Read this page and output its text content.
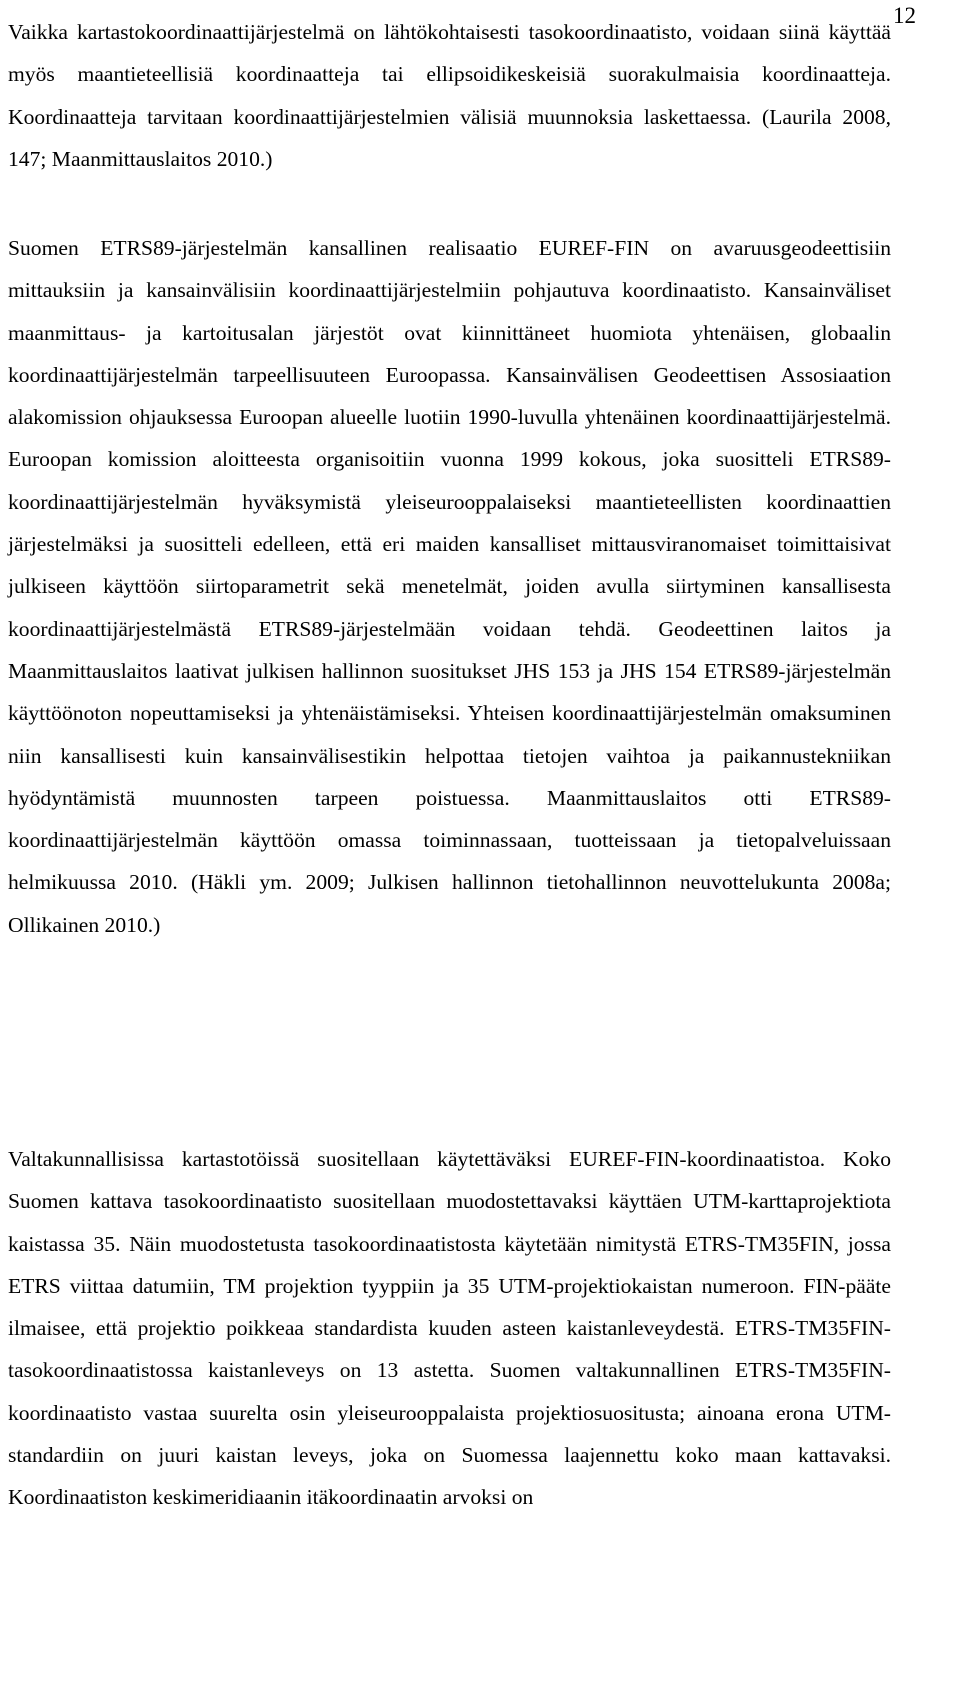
12

Vaikka kartastokoordinaattijärjestelmä on lähtökohtaisesti tasokoordinaatisto, voidaan siinä käyttää myös maantieteellisiä koordinaatteja tai ellipsoidikeskeisiä suorakulmaisia koordinaatteja. Koordinaatteja tarvitaan koordinaattijärjestelmien välisiä muunnoksia laskettaessa. (Laurila 2008, 147; Maanmittauslaitos 2010.)

Suomen ETRS89-järjestelmän kansallinen realisaatio EUREF-FIN on avaruusgeodeettisiin mittauksiin ja kansainvälisiin koordinaattijärjestelmiin pohjautuva koordinaatisto. Kansainväliset maanmittaus- ja kartoitusalan järjestöt ovat kiinnittäneet huomiota yhtenäisen, globaalin koordinaattijärjestelmän tarpeellisuuteen Euroopassa. Kansainvälisen Geodeettisen Assosiaation alakomission ohjauksessa Euroopan alueelle luotiin 1990-luvulla yhtenäinen koordinaattijärjestelmä. Euroopan komission aloitteesta organisoitiin vuonna 1999 kokous, joka suositteli ETRS89-koordinaattijärjestelmän hyväksymistä yleiseurooppalaiseksi maantieteellisten koordinaattien järjestelmäksi ja suositteli edelleen, että eri maiden kansalliset mittausviranomaiset toimittaisivat julkiseen käyttöön siirtoparametrit sekä menetelmät, joiden avulla siirtyminen kansallisesta koordinaattijärjestelmästä ETRS89-järjestelmään voidaan tehdä. Geodeettinen laitos ja Maanmittauslaitos laativat julkisen hallinnon suositukset JHS 153 ja JHS 154 ETRS89-järjestelmän käyttöönoton nopeuttamiseksi ja yhtenäistämiseksi. Yhteisen koordinaattijärjestelmän omaksuminen niin kansallisesti kuin kansainvälisestikin helpottaa tietojen vaihtoa ja paikannustekniikan hyödyntämistä muunnosten tarpeen poistuessa. Maanmittauslaitos otti ETRS89-koordinaattijärjestelmän käyttöön omassa toiminnassaan, tuotteissaan ja tietopalveluissaan helmikuussa 2010. (Häkli ym. 2009; Julkisen hallinnon tietohallinnon neuvottelukunta 2008a; Ollikainen 2010.)

Valtakunnallisissa kartastotöissä suositellaan käytettäväksi EUREF-FIN-koordinaatistoa. Koko Suomen kattava tasokoordinaatisto suositellaan muodostettavaksi käyttäen UTM-karttaprojektiota kaistassa 35. Näin muodostetusta tasokoordinaatistosta käytetään nimitystä ETRS-TM35FIN, jossa ETRS viittaa datumiin, TM projektion tyyppiin ja 35 UTM-projektiokaistan numeroon. FIN-pääte ilmaisee, että projektio poikkeaa standardista kuuden asteen kaistanleveydestä. ETRS-TM35FIN-tasokoordinaatistossa kaistanleveys on 13 astetta. Suomen valtakunnallinen ETRS-TM35FIN-koordinaatisto vastaa suurelta osin yleiseurooppalaista projektiosuositusta; ainoana erona UTM-standardiin on juuri kaistan leveys, joka on Suomessa laajennettu koko maan kattavaksi. Koordinaatiston keskimeridiaanin itäkoordinaatin arvoksi on
